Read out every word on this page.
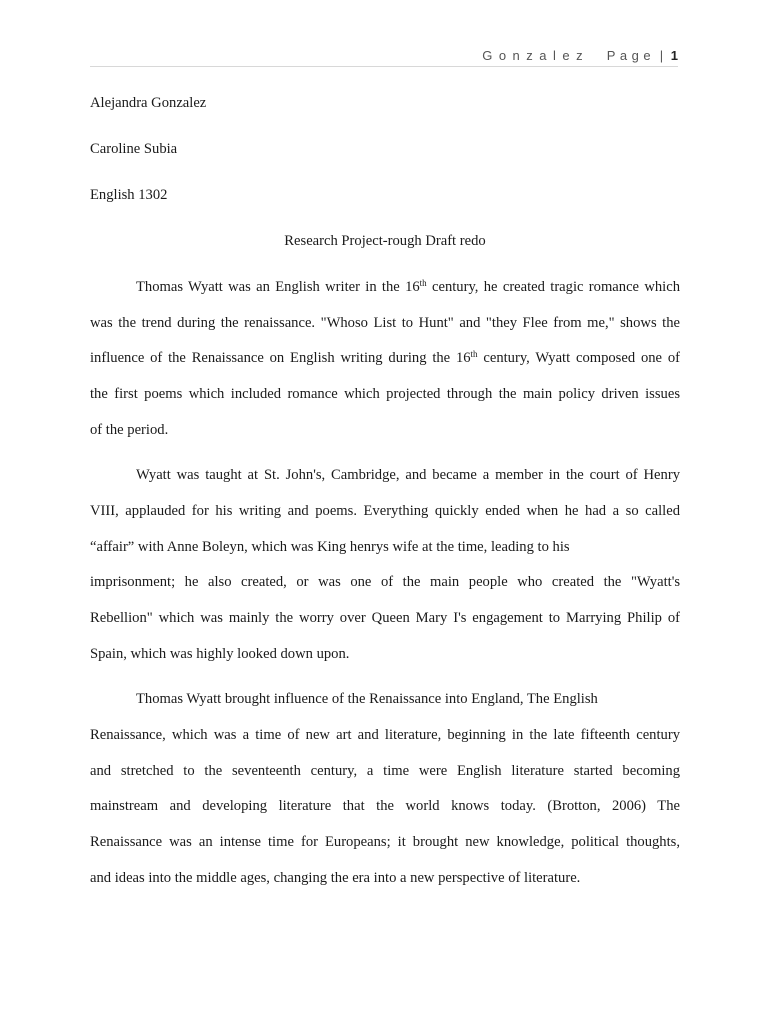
Gonzalez Page | 1
Alejandra Gonzalez
Caroline Subia
English 1302
Research Project-rough Draft redo
Thomas Wyatt was an English writer in the 16th century, he created tragic romance which
was the trend during the renaissance. "Whoso List to Hunt" and "they Flee from me," shows the
influence of the Renaissance on English writing during the 16th century, Wyatt composed one of
the first poems which included romance which projected through the main policy driven issues
of the period.
Wyatt was taught at St. John's, Cambridge, and became a member in the court of Henry
VIII, applauded for his writing and poems. Everything quickly ended when he had a so called
“affair” with Anne Boleyn, which was King henrys wife at the time, leading to his
imprisonment; he also created, or was one of the main people who created the "Wyatt's
Rebellion" which was mainly the worry over Queen Mary I's engagement to Marrying Philip of
Spain, which was highly looked down upon.
Thomas Wyatt brought influence of the Renaissance into England, The English
Renaissance, which was a time of new art and literature, beginning in the late fifteenth century
and stretched to the seventeenth century, a time were English literature started becoming
mainstream and developing literature that the world knows today. (Brotton, 2006) The
Renaissance was an intense time for Europeans; it brought new knowledge, political thoughts,
and ideas into the middle ages, changing the era into a new perspective of literature.
